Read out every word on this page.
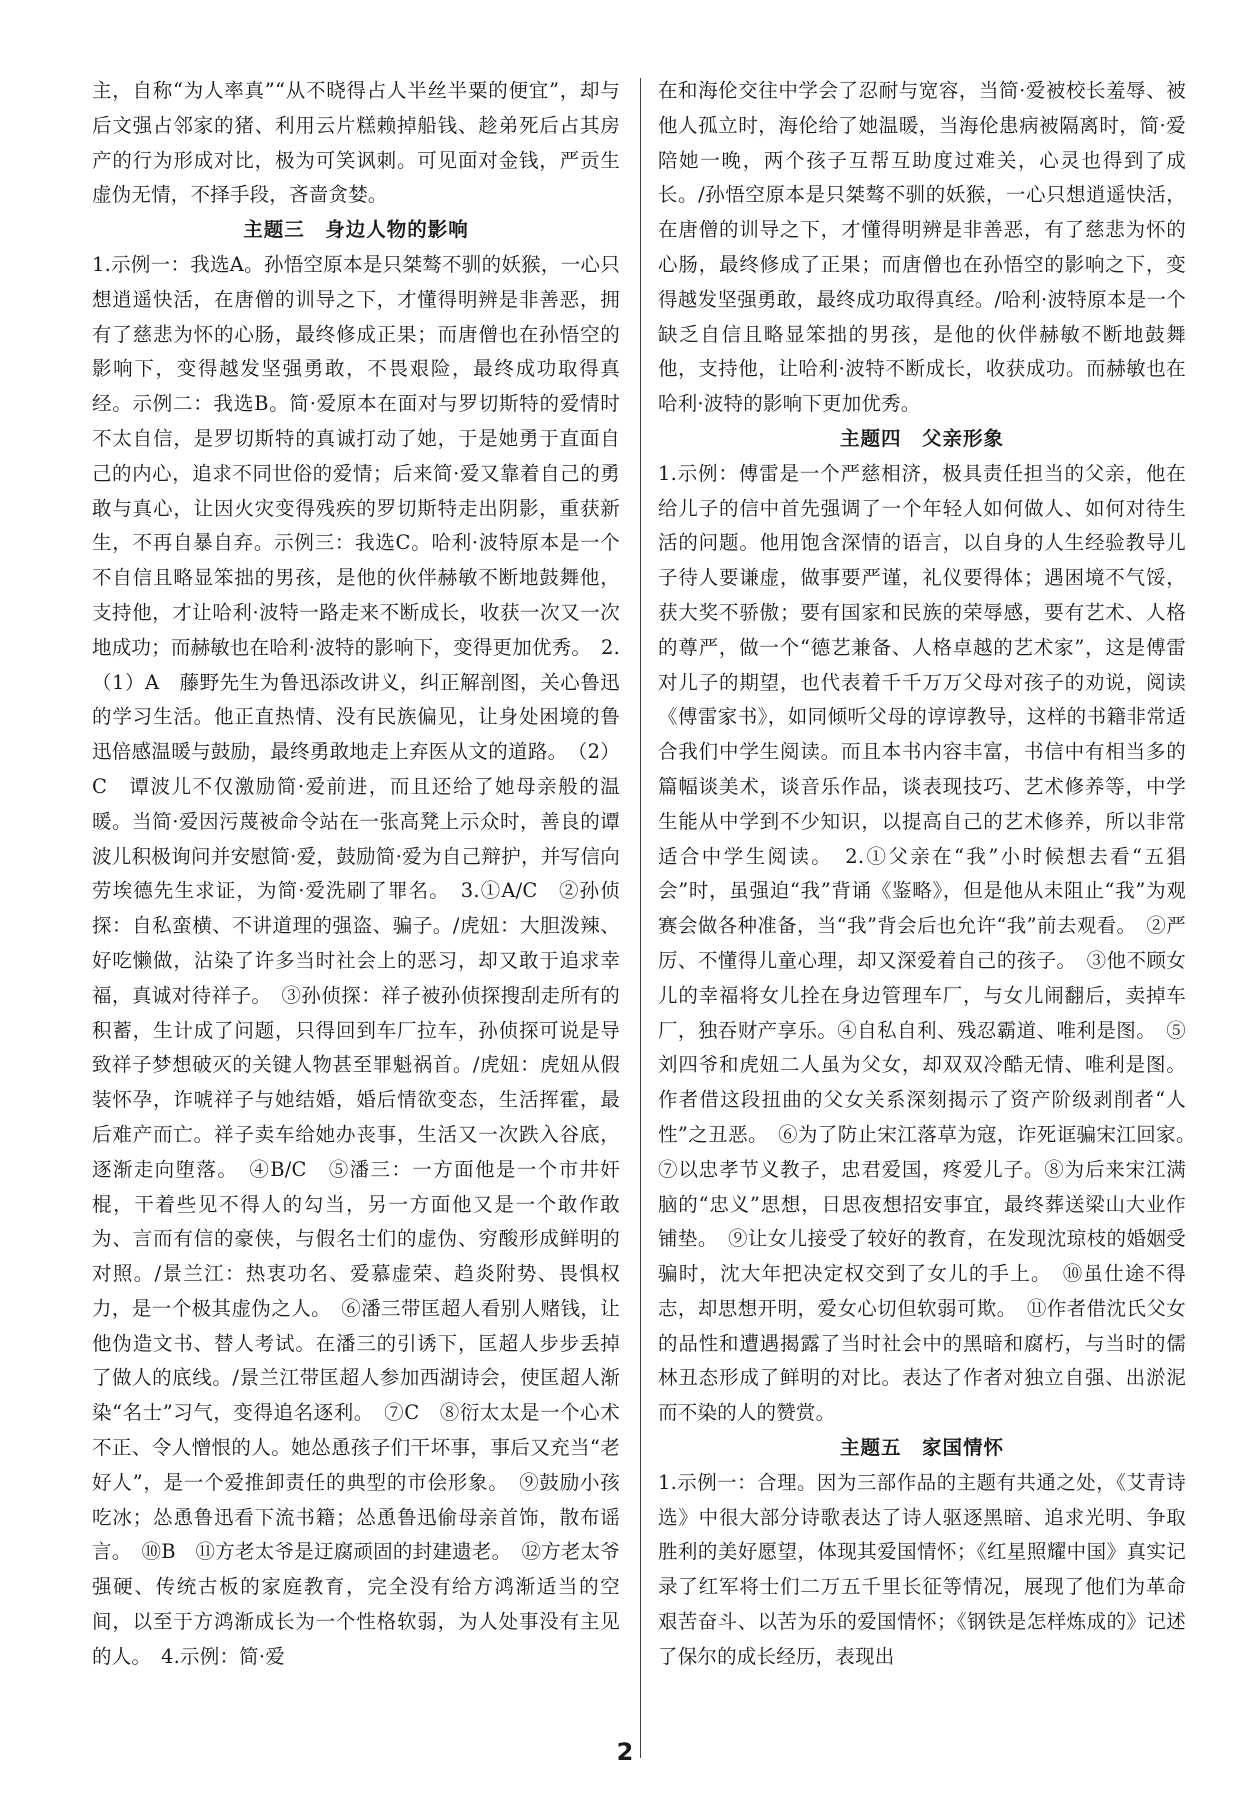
主，自称“为人率真”“从不晓得占人半丝半粟的便宜”，却与后文强占邻家的猪、利用云片糕赖掉船钱、趁弟死后占其房产的行为形成对比，极为可笑讽刺。可见面对金钱，严贡生虚伪无情，不择手段，吝啬贪婪。

主题三　身边人物的影响

1.示例一：我选A。孙悟空原本是只桀骜不驯的妖猴，一心只想逍遥快活，在唐僧的训导之下，才懂得明辨是非善恶，拥有了慈悲为怀的心肠，最终修成正果；而唐僧也在孙悟空的影响下，变得越发坚强勇敢，不畏艰险，最终成功取得真经。示例二：我选B。简·爱原本在面对与罗切斯特的爱情时不太自信，是罗切斯特的真诚打动了她，于是她勇于直面自己的内心，追求不同世俗的爱情；后来简·爱又靠着自己的勇敢与真心，让因火灾变得残疾的罗切斯特走出阴影，重获新生，不再自暴自弃。示例三：我选C。哈利·波特原本是一个不自信且略显笨拙的男孩，是他的伙伴赫敏不断地鼓舞他，支持他，才让哈利·波特一路走来不断成长，收获一次又一次地成功；而赫敏也在哈利·波特的影响下，变得更加优秀。　2.（1）A　藤野先生为鲁迅添改讲义，纠正解剖图，关心鲁迅的学习生活。他正直热情、没有民族偏见，让身处困境的鲁迅倍感温暖与鼓励，最终勇敢地走上弃医从文的道路。　（2）C　谭波儿不仅激励简·爱前进，而且还给了她母亲般的温暖。当简·爱因污蔑被命令站在一张高凳上示众时，善良的谭波儿积极询问并安慰简·爱，鼓励简·爱为自己辩护，并写信向劳埃德先生求证，为简·爱洗刷了罪名。　3.①A/C　②孙侦探：自私蛮横、不讲道理的强盗、骗子。/虎妞：大胆泼辣、好吃懒做，沾染了许多当时社会上的恶习，却又敢于追求幸福，真诚对待祥子。　③孙侦探：祥子被孙侦探搜刮走所有的积蓄，生计成了问题，只得回到车厂拉车，孙侦探可说是导致祥子梦想破灭的关键人物甚至罪魁祸首。/虎妞：虎妞从假装怀孕，诈唬祥子与她结婚，婚后情欲变态，生活挥霍，最后难产而亡。祥子卖车给她办丧事，生活又一次跌入谷底，逐渐走向堕落。　④B/C　⑤潘三：一方面他是一个市井奸棍，干着些见不得人的勾当，另一方面他又是一个敢作敢为、言而有信的豪侠，与假名士们的虚伪、穷酸形成鲜明的对照。/景兰江：热衷功名、爱慕虚荣、趋炎附势、畏惧权力，是一个极其虚伪之人。　⑥潘三带匡超人看别人赌钱，让他伪造文书、替人考试。在潘三的引诱下，匡超人步步丢掉了做人的底线。/景兰江带匡超人参加西湖诗会，使匡超人渐染“名士”习气，变得追名逐利。　⑦C　⑧衍太太是一个心术不正、令人憎恨的人。她怂恿孩子们干坏事，事后又充当“老好人”，是一个爱推卸责任的典型的市侩形象。　⑨鼓励小孩吃冰；怂恿鲁迅看下流书籍；怂恿鲁迅偷母亲首饰，散布谣言。　⑩B　⑪方老太爷是迂腐顽固的封建遗老。　⑫方老太爷强硬、传统古板的家庭教育，完全没有给方鸿渐适当的空间，以至于方鸿渐成长为一个性格软弱，为人处事没有主见的人。　4.示例：简·爱

在和海伦交往中学会了忍耐与宽容，当简·爱被校长羞辱、被他人孤立时，海伦给了她温暖，当海伦患病被隔离时，简·爱陪她一晚，两个孩子互帮互助度过难关，心灵也得到了成长。/孙悟空原本是只桀骜不驯的妖猴，一心只想逍遥快活，在唐僧的训导之下，才懂得明辨是非善恶，有了慈悲为怀的心肠，最终修成了正果；而唐僧也在孙悟空的影响之下，变得越发坚强勇敢，最终成功取得真经。/哈利·波特原本是一个缺乏自信且略显笨拙的男孩，是他的伙伴赫敏不断地鼓舞他，支持他，让哈利·波特不断成长，收获成功。而赫敏也在哈利·波特的影响下更加优秀。

主题四　父亲形象

1.示例：傅雷是一个严慈相济，极具责任担当的父亲，他在给儿子的信中首先强调了一个年轻人如何做人、如何对待生活的问题。他用饱含深情的语言，以自身的人生经验教导儿子待人要谦虚，做事要严谨，礼仪要得体；遇困境不气馁，获大奖不骄傲；要有国家和民族的荣辱感，要有艺术、人格的尊严，做一个“德艺兼备、人格卓越的艺术家”，这是傅雷对儿子的期望，也代表着千千万万父母对孩子的劝说，阅读《傅雷家书》，如同倾听父母的谆谆教导，这样的书籍非常适合我们中学生阅读。而且本书内容丰富，书信中有相当多的篇幅谈美术，谈音乐作品，谈表现技巧、艺术修养等，中学生能从中学到不少知识，以提高自己的艺术修养，所以非常适合中学生阅读。　2.①父亲在“我”小时候想去看“五猖会”时，虽强迫“我”背诵《鉴略》，但是他从未阻止“我”为观赛会做各种准备，当“我”背会后也允许“我”前去观看。　②严厉、不懂得儿童心理，却又深爱着自己的孩子。　③他不顾女儿的幸福将女儿拴在身边管理车厂，与女儿闹翻后，卖掉车厂，独吞财产享乐。④自私自利、残忍霸道、唯利是图。　⑤刘四爷和虎妞二人虽为父女，却双双冷酷无情、唯利是图。作者借这段扭曲的父女关系深刻揭示了资产阶级剥削者“人性”之丑恶。　⑥为了防止宋江落草为寇，诈死诓骗宋江回家。　⑦以忠孝节义教子，忠君爱国，疼爱儿子。⑧为后来宋江满脑的“忠义”思想，日思夜想招安事宜，最终葬送梁山大业作铺垫。　⑨让女儿接受了较好的教育，在发现沈琼枝的婚姻受骗时，沈大年把决定权交到了女儿的手上。　⑩虽仕途不得志，却思想开明，爱女心切但软弱可欺。　⑪作者借沈氏父女的品性和遭遇揭露了当时社会中的黑暗和腐朽，与当时的儒林丑态形成了鲜明的对比。表达了作者对独立自强、出淤泥而不染的人的赞赏。

主题五　家国情怀

1.示例一：合理。因为三部作品的主题有共通之处，《艾青诗选》中很大部分诗歌表达了诗人驱逐黑暗、追求光明、争取胜利的美好愿望，体现其爱国情怀；《红星照耀中国》真实记录了红军将士们二万五千里长征等情况，展现了他们为革命艰苦奋斗、以苦为乐的爱国情怀；《钢铁是怎样炼成的》记述了保尔的成长经历，表现出

2
